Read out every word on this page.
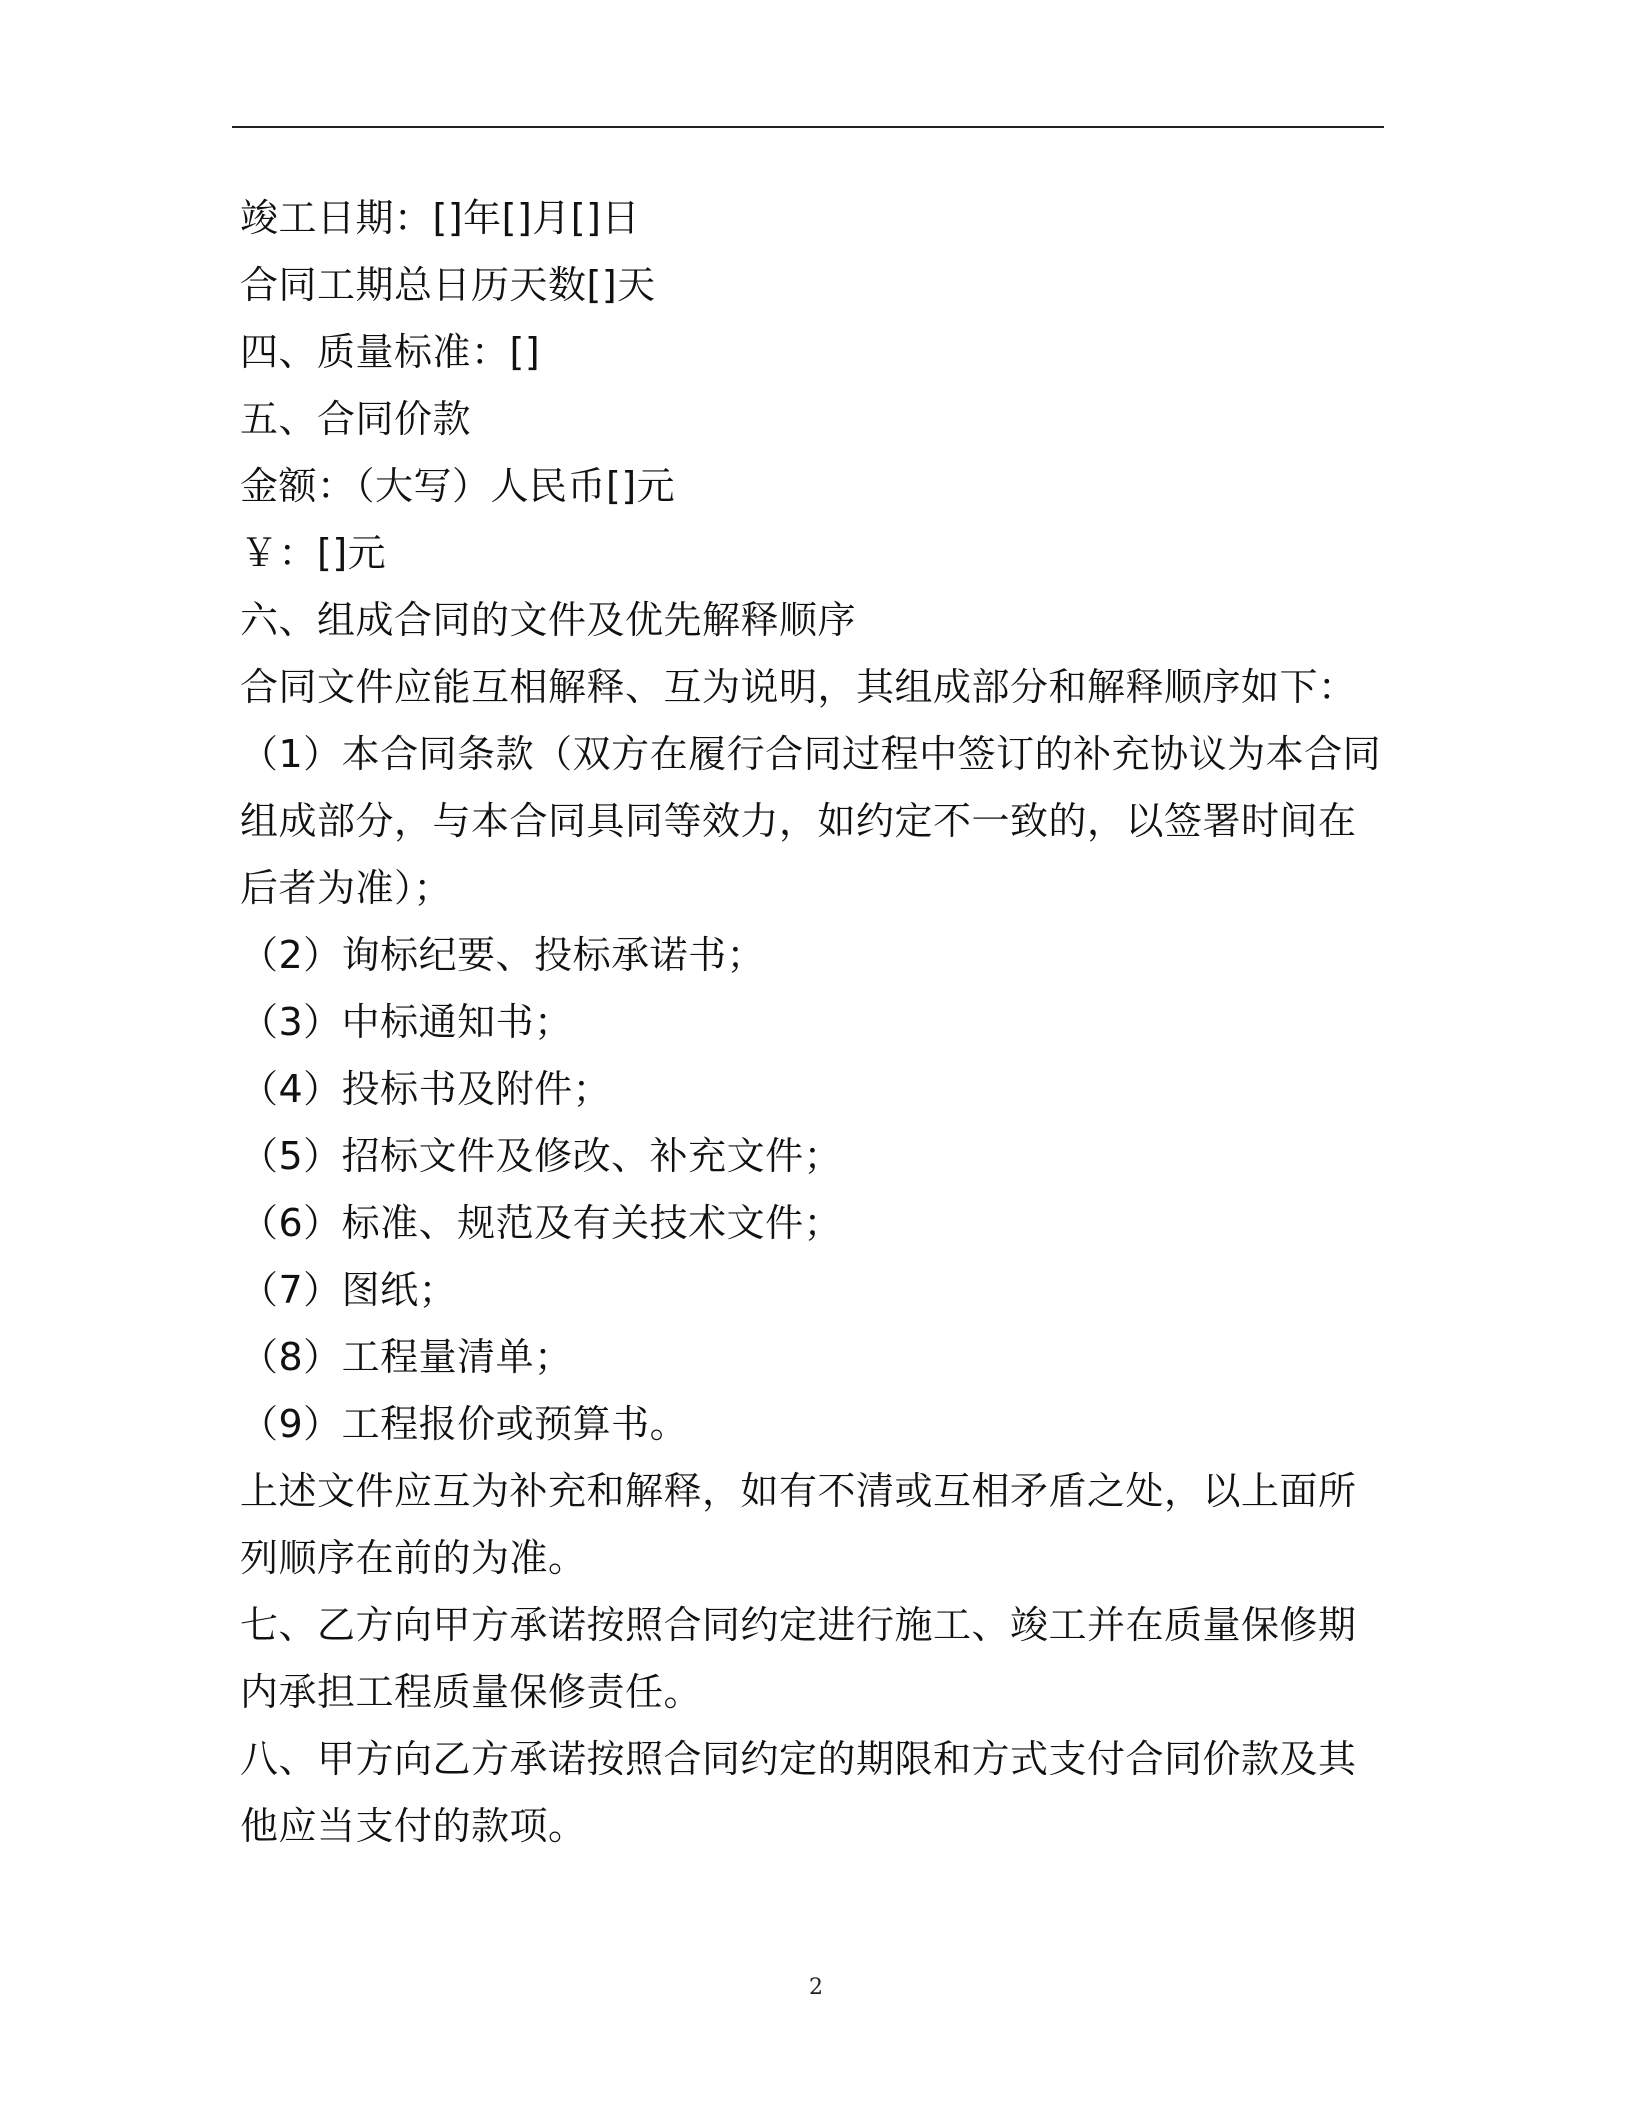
竣工日期：[]年[]月[]日

合同工期总日历天数[]天

四、质量标准：[]

五、合同价款

金额：（大写）人民币[]元

￥：[]元

六、组成合同的文件及优先解释顺序

合同文件应能互相解释、互为说明，其组成部分和解释顺序如下：

（1）本合同条款（双方在履行合同过程中签订的补充协议为本合同组成部分，与本合同具同等效力，如约定不一致的，以签署时间在后者为准）；

（2）询标纪要、投标承诺书；

（3）中标通知书；

（4）投标书及附件；

（5）招标文件及修改、补充文件；

（6）标准、规范及有关技术文件；

（7）图纸；

（8）工程量清单；

（9）工程报价或预算书。

上述文件应互为补充和解释，如有不清或互相矛盾之处，以上面所列顺序在前的为准。

七、乙方向甲方承诺按照合同约定进行施工、竣工并在质量保修期内承担工程质量保修责任。

八、甲方向乙方承诺按照合同约定的期限和方式支付合同价款及其他应当支付的款项。

2
